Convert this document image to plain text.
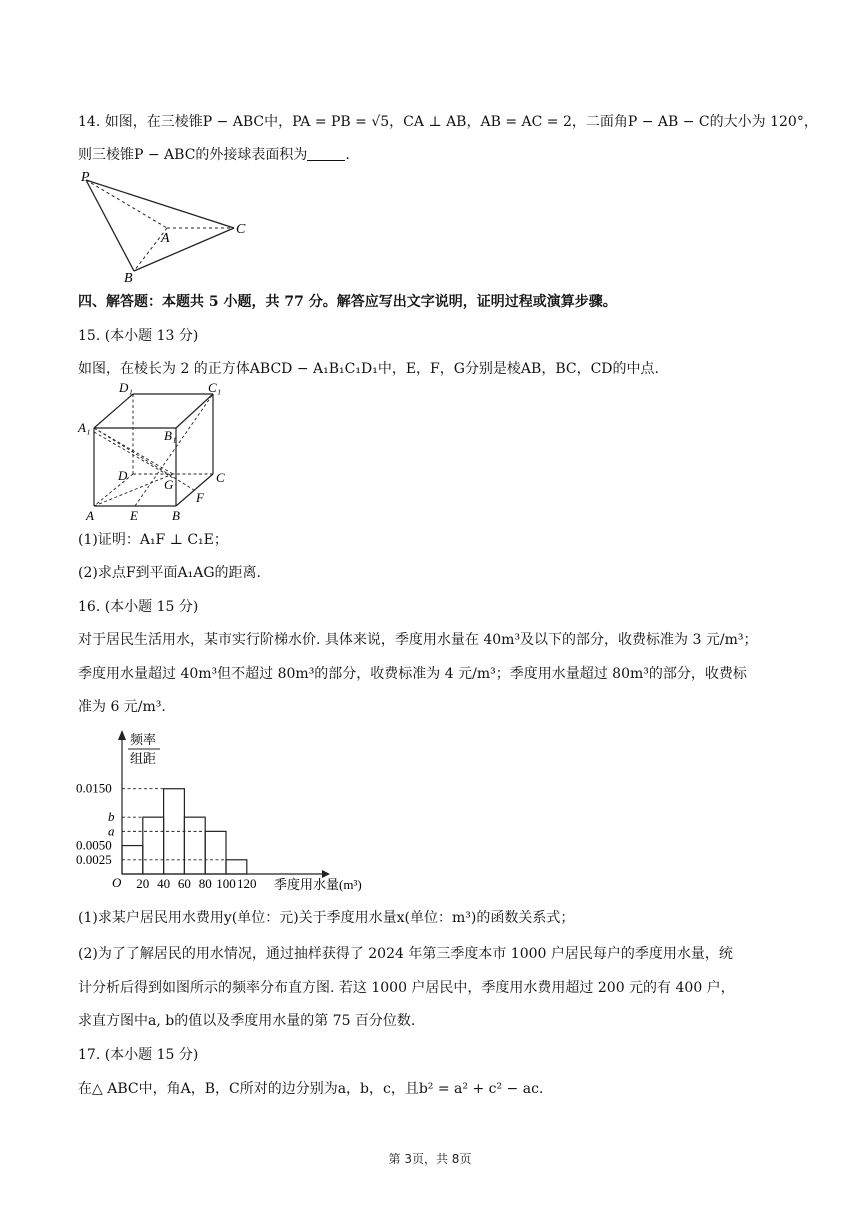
14. 如图，在三棱锥P − ABC中，PA = PB = √5，CA ⊥ AB，AB = AC = 2，二面角P − AB − C的大小为 120°，
则三棱锥P − ABC的外接球表面积为	.
P
A
B
C
四、解答题：本题共 5 小题，共 77 分。解答应写出文字说明，证明过程或演算步骤。
15. (本小题 13 分)
如图，在棱长为 2 的正方体ABCD − A₁B₁C₁D₁中，E，F，G分别是棱AB，BC，CD的中点.
D₁	C₁
A₁
B₁
D	C
G
F
A	E	B
(1)证明：A₁F ⊥ C₁E；
(2)求点F到平面A₁AG的距离.
16. (本小题 15 分)
对于居民生活用水，某市实行阶梯水价. 具体来说，季度用水量在 40m³及以下的部分，收费标准为 3 元/m³；
季度用水量超过 40m³但不超过 80m³的部分，收费标准为 4 元/m³；季度用水量超过 80m³的部分，收费标
准为 6 元/m³.
频率
组距
O
0.0150
b
a
0.0050
0.0025
20 40 60 80 100 120 季度用水量(m³)
(1)求某户居民用水费用y(单位：元)关于季度用水量x(单位：m³)的函数关系式；
(2)为了了解居民的用水情况，通过抽样获得了 2024 年第三季度本市 1000 户居民每户的季度用水量，统
计分析后得到如图所示的频率分布直方图. 若这 1000 户居民中，季度用水费用超过 200 元的有 400 户，
求直方图中a, b的值以及季度用水量的第 75 百分位数.
17. (本小题 15 分)
在△ ABC中，角A，B，C所对的边分别为a，b，c，且b² = a² + c² − ac.
第 3页，共 8页
